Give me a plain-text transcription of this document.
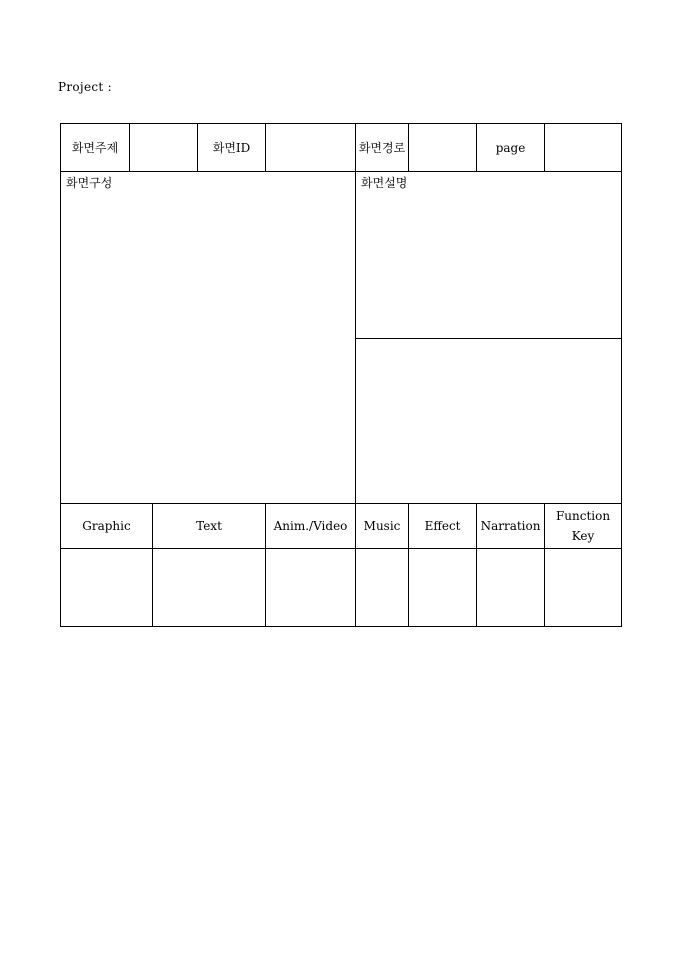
Project :
화면주제			화면ID		화면경로		page	
화면구성					화면설명			

Graphic		Text		Anim./Video	Music	Effect	Narration	Function
Key
